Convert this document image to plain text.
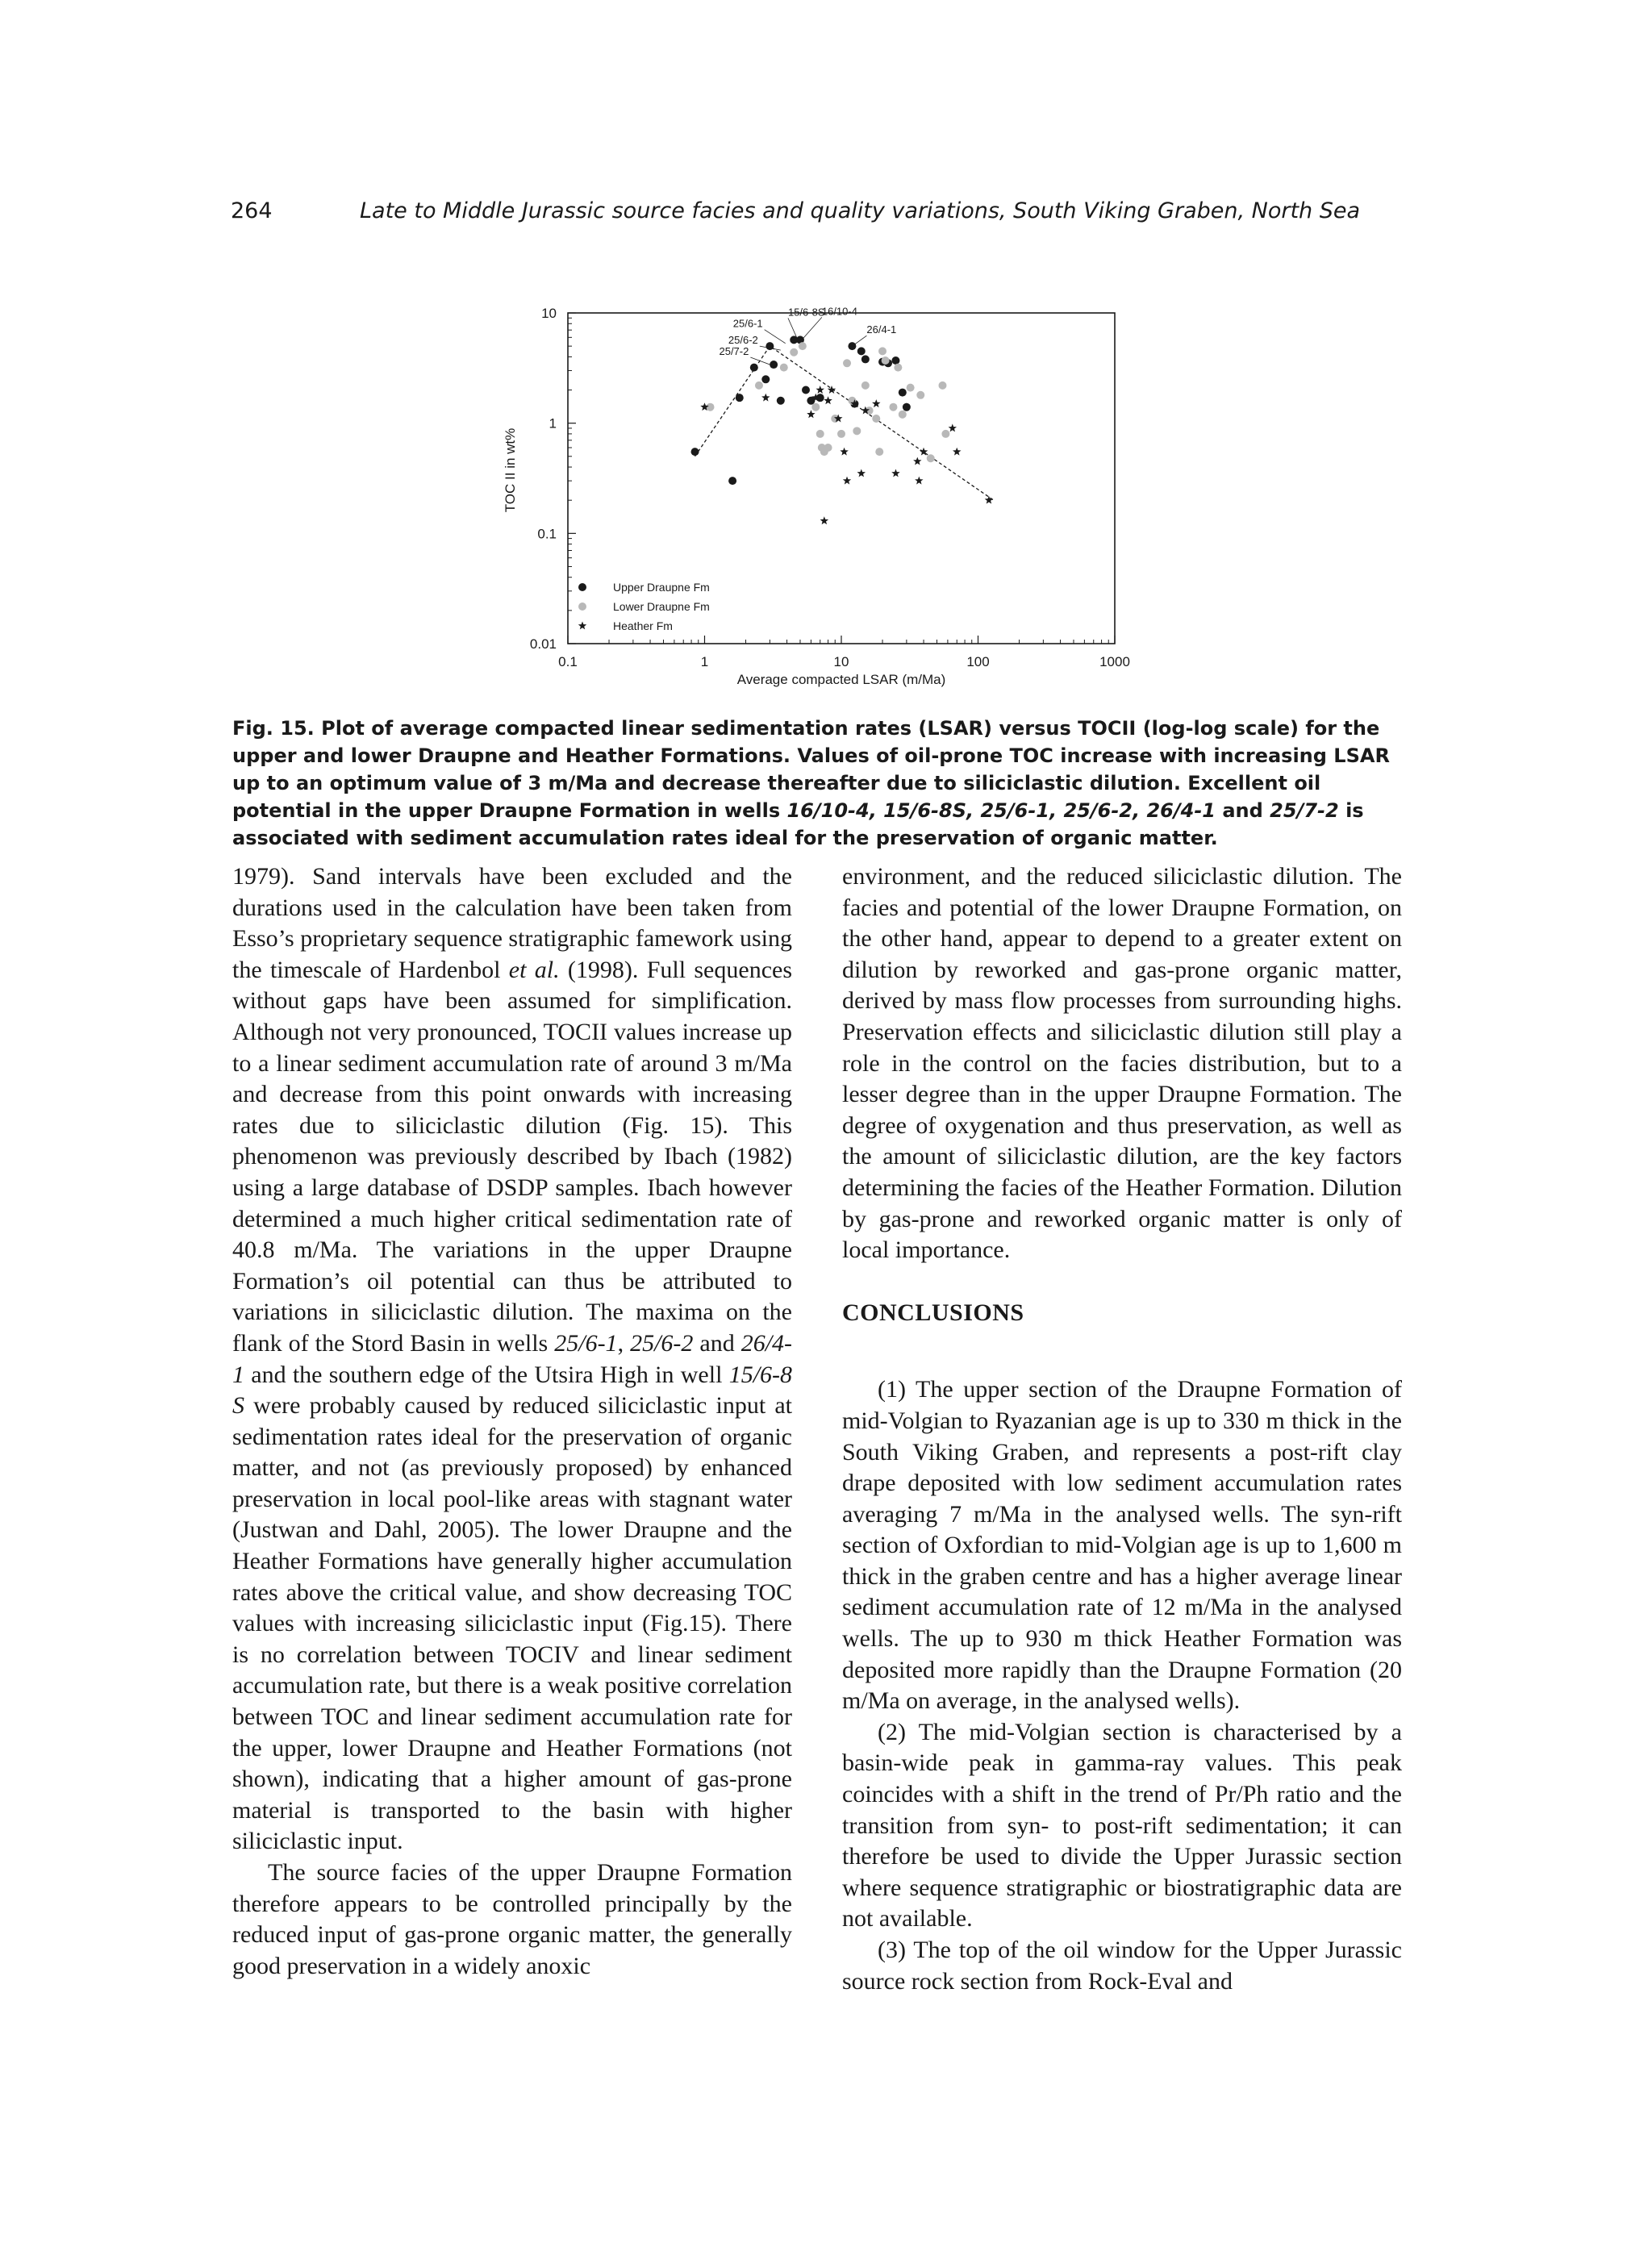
264	Late to Middle Jurassic source facies and quality variations, South Viking Graben, North Sea
0.1	1	10	100	1000
0.01
0.1
1
10
Average compacted LSAR (m/Ma)
TOC II in wt%
15/6-8S
16/10-4
25/6-1
25/6-2
25/7-2
26/4-1
Upper Draupne Fm
Lower Draupne Fm
Heather Fm
Fig. 15. Plot of average compacted linear sedimentation rates (LSAR) versus TOCII (log-log scale) for the upper and lower Draupne and Heather Formations. Values of oil-prone TOC increase with increasing LSAR up to an optimum value of 3 m/Ma and decrease thereafter due to siliciclastic dilution. Excellent oil potential in the upper Draupne Formation in wells 16/10-4, 15/6-8S, 25/6-1, 25/6-2, 26/4-1 and 25/7-2 is associated with sediment accumulation rates ideal for the preservation of organic matter.

1979). Sand intervals have been excluded and the durations used in the calculation have been taken from Esso’s proprietary sequence stratigraphic famework using the timescale of Hardenbol et al. (1998). Full sequences without gaps have been assumed for simplification. Although not very pronounced, TOCII values increase up to a linear sediment accumulation rate of around 3 m/Ma and decrease from this point onwards with increasing rates due to siliciclastic dilution (Fig. 15). This phenomenon was previously described by Ibach (1982) using a large database of DSDP samples. Ibach however determined a much higher critical sedimentation rate of 40.8 m/Ma. The variations in the upper Draupne Formation’s oil potential can thus be attributed to variations in siliciclastic dilution. The maxima on the flank of the Stord Basin in wells 25/6-1, 25/6-2 and 26/4-1 and the southern edge of the Utsira High in well 15/6-8 S were probably caused by reduced siliciclastic input at sedimentation rates ideal for the preservation of organic matter, and not (as previously proposed) by enhanced preservation in local pool-like areas with stagnant water (Justwan and Dahl, 2005). The lower Draupne and the Heather Formations have generally higher accumulation rates above the critical value, and show decreasing TOC values with increasing siliciclastic input (Fig.15). There is no correlation between TOCIV and linear sediment accumulation rate, but there is a weak positive correlation between TOC and linear sediment accumulation rate for the upper, lower Draupne and Heather Formations (not shown), indicating that a higher amount of gas-prone material is transported to the basin with higher siliciclastic input.

The source facies of the upper Draupne Formation therefore appears to be controlled principally by the reduced input of gas-prone organic matter, the generally good preservation in a widely anoxic

environment, and the reduced siliciclastic dilution. The facies and potential of the lower Draupne Formation, on the other hand, appear to depend to a greater extent on dilution by reworked and gas-prone organic matter, derived by mass flow processes from surrounding highs. Preservation effects and siliciclastic dilution still play a role in the control on the facies distribution, but to a lesser degree than in the upper Draupne Formation. The degree of oxygenation and thus preservation, as well as the amount of siliciclastic dilution, are the key factors determining the facies of the Heather Formation. Dilution by gas-prone and reworked organic matter is only of local importance.

CONCLUSIONS

(1) The upper section of the Draupne Formation of mid-Volgian to Ryazanian age is up to 330 m thick in the South Viking Graben, and represents a post-rift clay drape deposited with low sediment accumulation rates averaging 7 m/Ma in the analysed wells. The syn-rift section of Oxfordian to mid-Volgian age is up to 1,600 m thick in the graben centre and has a higher average linear sediment accumulation rate of 12 m/Ma in the analysed wells. The up to 930 m thick Heather Formation was deposited more rapidly than the Draupne Formation (20 m/Ma on average, in the analysed wells).

(2) The mid-Volgian section is characterised by a basin-wide peak in gamma-ray values. This peak coincides with a shift in the trend of Pr/Ph ratio and the transition from syn- to post-rift sedimentation; it can therefore be used to divide the Upper Jurassic section where sequence stratigraphic or biostratigraphic data are not available.

(3) The top of the oil window for the Upper Jurassic source rock section from Rock-Eval and
